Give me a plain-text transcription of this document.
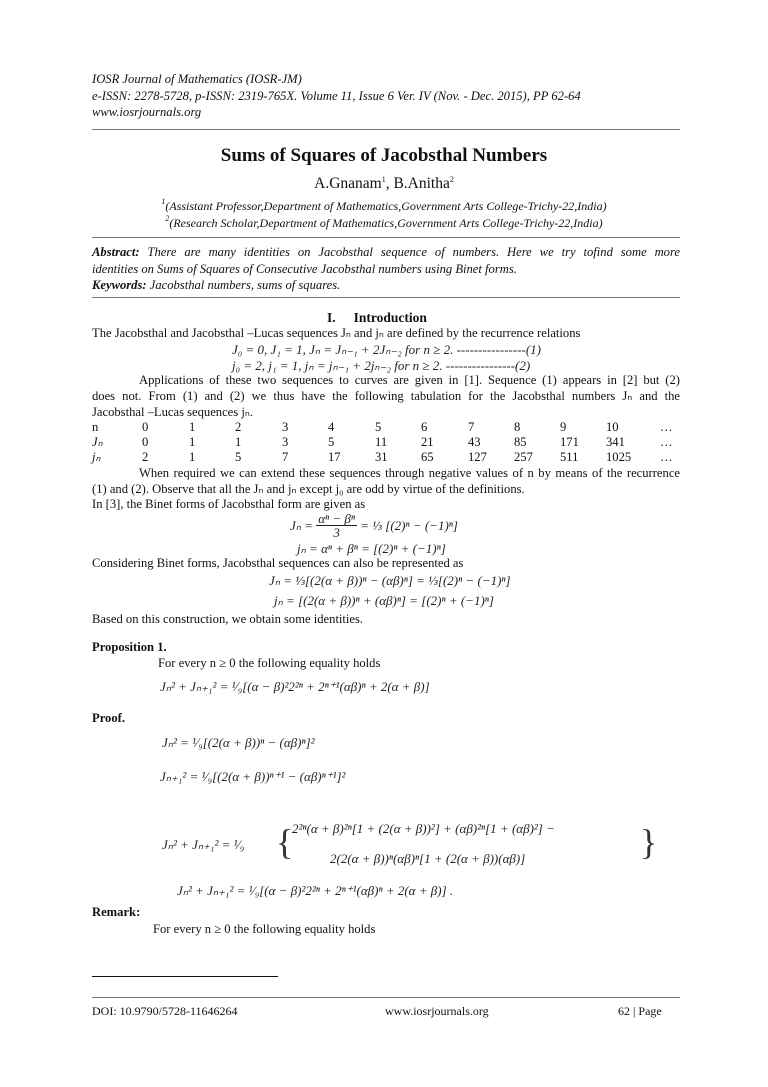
IOSR Journal of Mathematics (IOSR-JM)
e-ISSN: 2278-5728, p-ISSN: 2319-765X. Volume 11, Issue 6 Ver. IV (Nov. - Dec. 2015), PP 62-64
www.iosrjournals.org
Sums of Squares of Jacobsthal Numbers
A.Gnanam$^1$, B.Anitha$^2$
$^1$(Assistant Professor,Department of Mathematics,Government Arts College-Trichy-22,India)
$^2$(Research Scholar,Department of Mathematics,Government Arts College-Trichy-22,India)
Abstract: There are many identities on Jacobsthal sequence of numbers. Here we try tofind some more
identities on Sums of Squares of Consecutive Jacobsthal numbers using Binet forms.
Keywords: Jacobsthal numbers, sums of squares.
I. Introduction
The Jacobsthal and Jacobsthal –Lucas sequences Jₙ and jₙ are defined by the recurrence relations
J₀ = 0, J₁ = 1, Jₙ = Jₙ₋₁ + 2Jₙ₋₂ for n ≥ 2. ----------------(1)
j₀ = 2, j₁ = 1, jₙ = jₙ₋₁ + 2jₙ₋₂ for n ≥ 2. ----------------(2)
Applications of these two sequences to curves are given in [1]. Sequence (1) appears in [2] but (2)
does not. From (1) and (2) we thus have the following tabulation for the Jacobsthal numbers Jₙ and the
Jacobsthal –Lucas sequences jₙ.
n	0	1	2	3	4	5	6	7	8	9	10	…
Jₙ	0	1	1	3	5	11	21	43	85	171 341	…
jₙ	2	1	5	7	17	31	65	127 257 511 1025 …
When required we can extend these sequences through negative values of n by means of the recurrence
(1) and (2). Observe that all the Jₙ and jₙ except j₀ are odd by virtue of the definitions.
In [3], the Binet forms of Jacobsthal form are given as
$J_n = \frac{\text{αⁿ − βⁿ}}{3}$ = ⅓ [(2)ⁿ − (−1)ⁿ]
jₙ = αⁿ + βⁿ = [(2)ⁿ + (−1)ⁿ]
Considering Binet forms, Jacobsthal sequences can also be represented as
Jₙ = ⅓[(2(α + β))ⁿ − (αβ)ⁿ] = ⅓[(2)ⁿ − (−1)ⁿ]
jₙ = [(2(α + β))ⁿ + (αβ)ⁿ] = [(2)ⁿ + (−1)ⁿ]
Based on this construction, we obtain some identities.
Proposition 1.
For every n ≥ 0 the following equality holds
Jₙ² + Jₙ₊₁² = ¹⁄₉[(α − β)²2²ⁿ + 2ⁿ⁺¹(αβ)ⁿ + 2(α + β)]
Proof.
Jₙ² = ¹⁄₉[(2(α + β))ⁿ − (αβ)ⁿ]²
Jₙ₊₁² = ¹⁄₉[(2(α + β))ⁿ⁺¹ − (αβ)ⁿ⁺¹]²
Jₙ² + Jₙ₊₁² = ¹⁄₉ {
2²ⁿ(α + β)²ⁿ[1 + (2(α + β))²] + (αβ)²ⁿ[1 + (αβ)²] −
2(2(α + β))ⁿ(αβ)ⁿ[1 + (2(α + β))(αβ)]	}
Jₙ² + Jₙ₊₁² = ¹⁄₉[(α − β)²2²ⁿ + 2ⁿ⁺¹(αβ)ⁿ + 2(α + β)] .
Remark:
For every n ≥ 0 the following equality holds
DOI: 10.9790/5728-11646264	www.iosrjournals.org	62 | Page
